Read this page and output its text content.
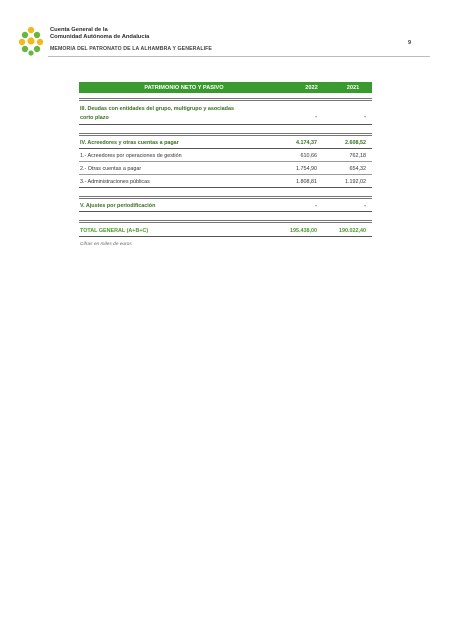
Cuenta General de la
Comunidad Autónoma de Andalucía
MEMORIA DEL PATRONATO DE LA ALHAMBRA Y GENERALIFE
9
PATRIMONIO NETO Y PASIVO	2022	2021
III. Deudas con entidades del grupo, multigrupo y asociadas
corto plazo	-	-
IV. Acreedores y otras cuentas a pagar	4.174,37	2.608,52
1.- Acreedores por operaciones de gestión	610,66	762,18
2.- Otras cuentas a pagar	1.754,90	654,32
3.- Administraciones públicas	1.808,81	1.192,02
V. Ajustes por periodificación	-	-
TOTAL GENERAL (A+B+C)	195.438,00	190.022,40
Cifras en miles de euros
